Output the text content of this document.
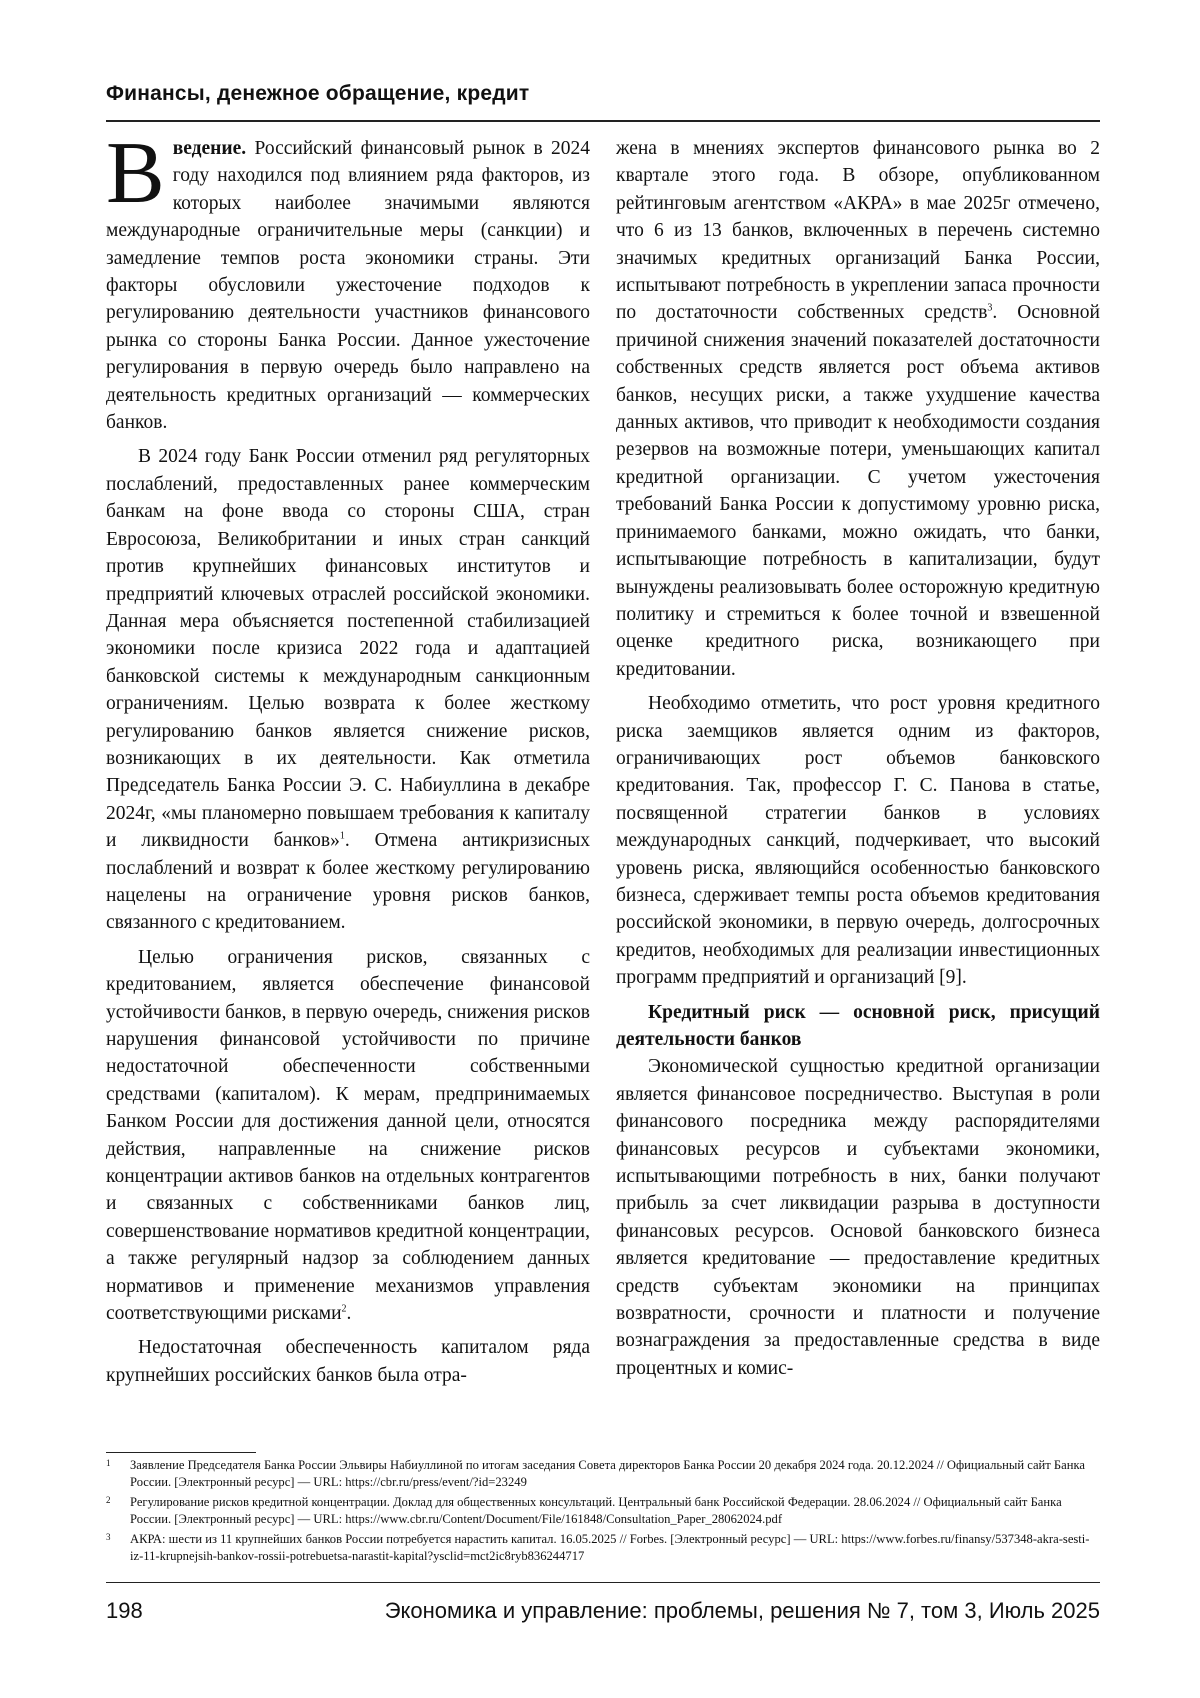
Финансы, денежное обращение, кредит

Введение. Российский финансовый рынок в 2024 году находился под влиянием ряда факторов, из которых наиболее значимыми являются международные ограничительные меры (санкции) и замедление темпов роста экономики страны. Эти факторы обусловили ужесточение подходов к регулированию деятельности участников финансового рынка со стороны Банка России. Данное ужесточение регулирования в первую очередь было направлено на деятельность кредитных организаций — коммерческих банков.

В 2024 году Банк России отменил ряд регуляторных послаблений, предоставленных ранее коммерческим банкам на фоне ввода со стороны США, стран Евросоюза, Великобритании и иных стран санкций против крупнейших финансовых институтов и предприятий ключевых отраслей российской экономики. Данная мера объясняется постепенной стабилизацией экономики после кризиса 2022 года и адаптацией банковской системы к международным санкционным ограничениям. Целью возврата к более жесткому регулированию банков является снижение рисков, возникающих в их деятельности. Как отметила Председатель Банка России Э. С. Набиуллина в декабре 2024г, «мы планомерно повышаем требования к капиталу и ликвидности банков»$^1$. Отмена антикризисных послаблений и возврат к более жесткому регулированию нацелены на ограничение уровня рисков банков, связанного с кредитованием.

Целью ограничения рисков, связанных с кредитованием, является обеспечение финансовой устойчивости банков, в первую очередь, снижения рисков нарушения финансовой устойчивости по причине недостаточной обеспеченности собственными средствами (капиталом). К мерам, предпринимаемых Банком России для достижения данной цели, относятся действия, направленные на снижение рисков концентрации активов банков на отдельных контрагентов и связанных с собственниками банков лиц, совершенствование нормативов кредитной концентрации, а также регулярный надзор за соблюдением данных нормативов и применение механизмов управления соответствующими рисками$^2$.

Недостаточная обеспеченность капиталом ряда крупнейших российских банков была отра-

жена в мнениях экспертов финансового рынка во 2 квартале этого года. В обзоре, опубликованном рейтинговым агентством «АКРА» в мае 2025г отмечено, что 6 из 13 банков, включенных в перечень системно значимых кредитных организаций Банка России, испытывают потребность в укреплении запаса прочности по достаточности собственных средств$^3$. Основной причиной снижения значений показателей достаточности собственных средств является рост объема активов банков, несущих риски, а также ухудшение качества данных активов, что приводит к необходимости создания резервов на возможные потери, уменьшающих капитал кредитной организации. С учетом ужесточения требований Банка России к допустимому уровню риска, принимаемого банками, можно ожидать, что банки, испытывающие потребность в капитализации, будут вынуждены реализовывать более осторожную кредитную политику и стремиться к более точной и взвешенной оценке кредитного риска, возникающего при кредитовании.

Необходимо отметить, что рост уровня кредитного риска заемщиков является одним из факторов, ограничивающих рост объемов банковского кредитования. Так, профессор Г. С. Панова в статье, посвященной стратегии банков в условиях международных санкций, подчеркивает, что высокий уровень риска, являющийся особенностью банковского бизнеса, сдерживает темпы роста объемов кредитования российской экономики, в первую очередь, долгосрочных кредитов, необходимых для реализации инвестиционных программ предприятий и организаций [9].

Кредитный риск — основной риск, присущий деятельности банков

Экономической сущностью кредитной организации является финансовое посредничество. Выступая в роли финансового посредника между распорядителями финансовых ресурсов и субъектами экономики, испытывающими потребность в них, банки получают прибыль за счет ликвидации разрыва в доступности финансовых ресурсов. Основой банковского бизнеса является кредитование — предоставление кредитных средств субъектам экономики на принципах возвратности, срочности и платности и получение вознаграждения за предоставленные средства в виде процентных и комис-

1 Заявление Председателя Банка России Эльвиры Набиуллиной по итогам заседания Совета директоров Банка России 20 декабря 2024 года. 20.12.2024 // Официальный сайт Банка России. [Электронный ресурс] — URL: https://cbr.ru/press/event/?id=23249
2 Регулирование рисков кредитной концентрации. Доклад для общественных консультаций. Центральный банк Российской Федерации. 28.06.2024 // Официальный сайт Банка России. [Электронный ресурс] — URL: https://www.cbr.ru/Content/Document/File/161848/Consultation_Paper_28062024.pdf
3 АКРА: шести из 11 крупнейших банков России потребуется нарастить капитал. 16.05.2025 // Forbes. [Электронный ресурс] — URL: https://www.forbes.ru/finansy/537348-akra-sesti-iz-11-krupnejsih-bankov-rossii-potrebuetsa-narastit-kapital?ysclid=mct2ic8ryb836244717
198	Экономика и управление: проблемы, решения № 7, том 3, Июль 2025
